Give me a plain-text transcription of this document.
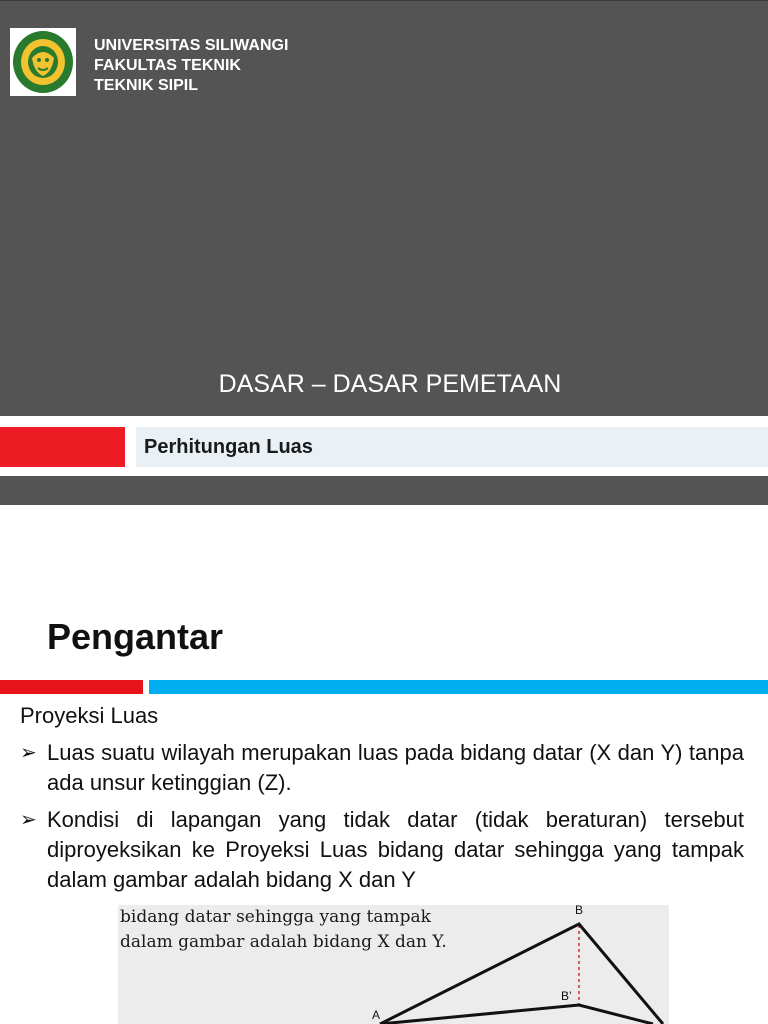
UNIVERSITAS SILIWANGI
FAKULTAS TEKNIK
TEKNIK SIPIL
DASAR – DASAR PEMETAAN
Perhitungan Luas
Pengantar
Proyeksi Luas
➢ Luas suatu wilayah merupakan luas pada bidang datar (X dan Y) tanpa ada unsur ketinggian (Z).
➢ Kondisi di lapangan yang tidak datar (tidak beraturan) tersebut diproyeksikan ke Proyeksi Luas bidang datar sehingga yang tampak dalam gambar adalah bidang X dan Y
bidang datar sehingga yang tampak
dalam gambar adalah bidang X dan Y.
B
B’
A
